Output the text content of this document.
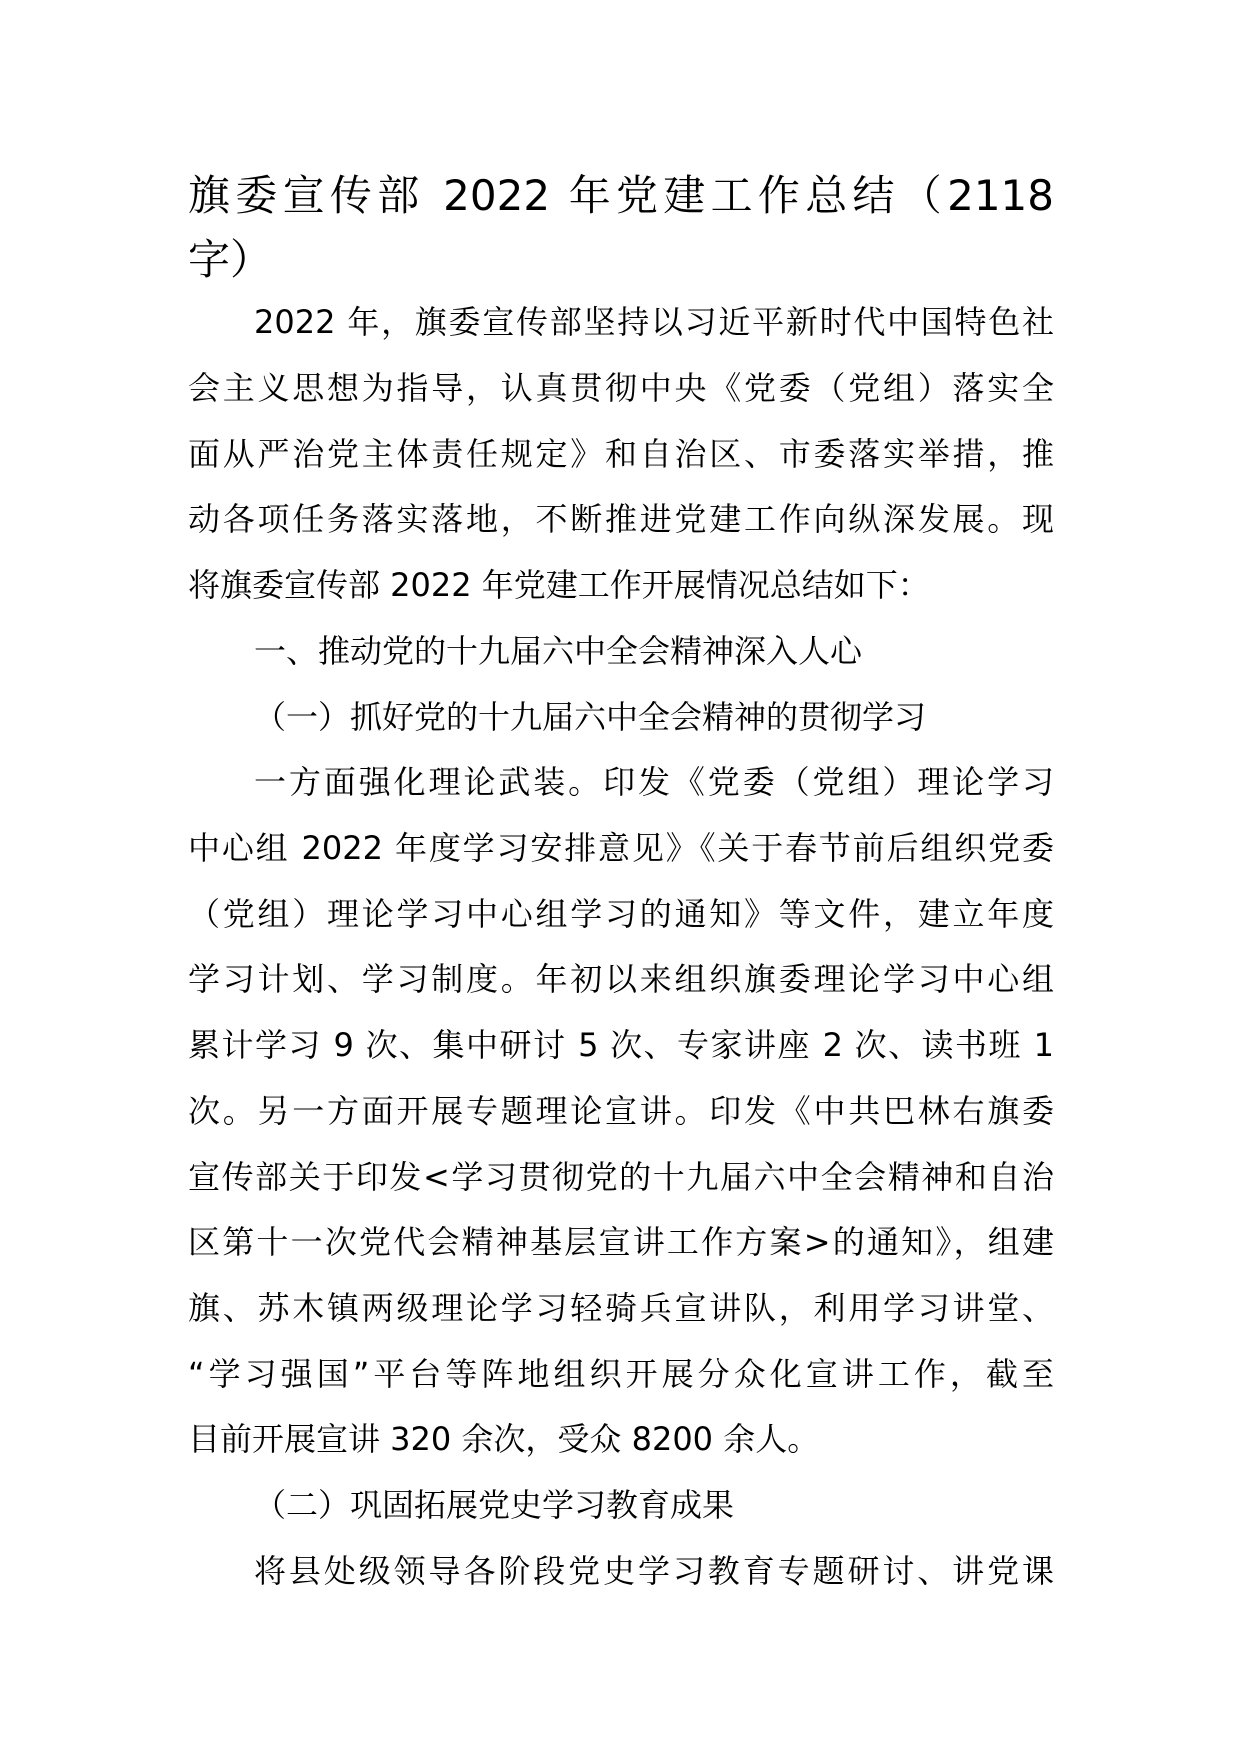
旗委宣传部 2022 年党建工作总结（2118
字）
2022 年，旗委宣传部坚持以习近平新时代中国特色社
会主义思想为指导，认真贯彻中央《党委（党组）落实全
面从严治党主体责任规定》和自治区、市委落实举措，推
动各项任务落实落地，不断推进党建工作向纵深发展。现
将旗委宣传部 2022 年党建工作开展情况总结如下：
一、推动党的十九届六中全会精神深入人心
（一）抓好党的十九届六中全会精神的贯彻学习
一方面强化理论武装。印发《党委（党组）理论学习
中心组 2022 年度学习安排意见》《关于春节前后组织党委
（党组）理论学习中心组学习的通知》等文件，建立年度
学习计划、学习制度。年初以来组织旗委理论学习中心组
累计学习 9 次、集中研讨 5 次、专家讲座 2 次、读书班 1
次。另一方面开展专题理论宣讲。印发《中共巴林右旗委
宣传部关于印发<学习贯彻党的十九届六中全会精神和自治
区第十一次党代会精神基层宣讲工作方案>的通知》，组建
旗、苏木镇两级理论学习轻骑兵宣讲队，利用学习讲堂、
“学习强国”平台等阵地组织开展分众化宣讲工作，截至
目前开展宣讲 320 余次，受众 8200 余人。
（二）巩固拓展党史学习教育成果
将县处级领导各阶段党史学习教育专题研讨、讲党课
